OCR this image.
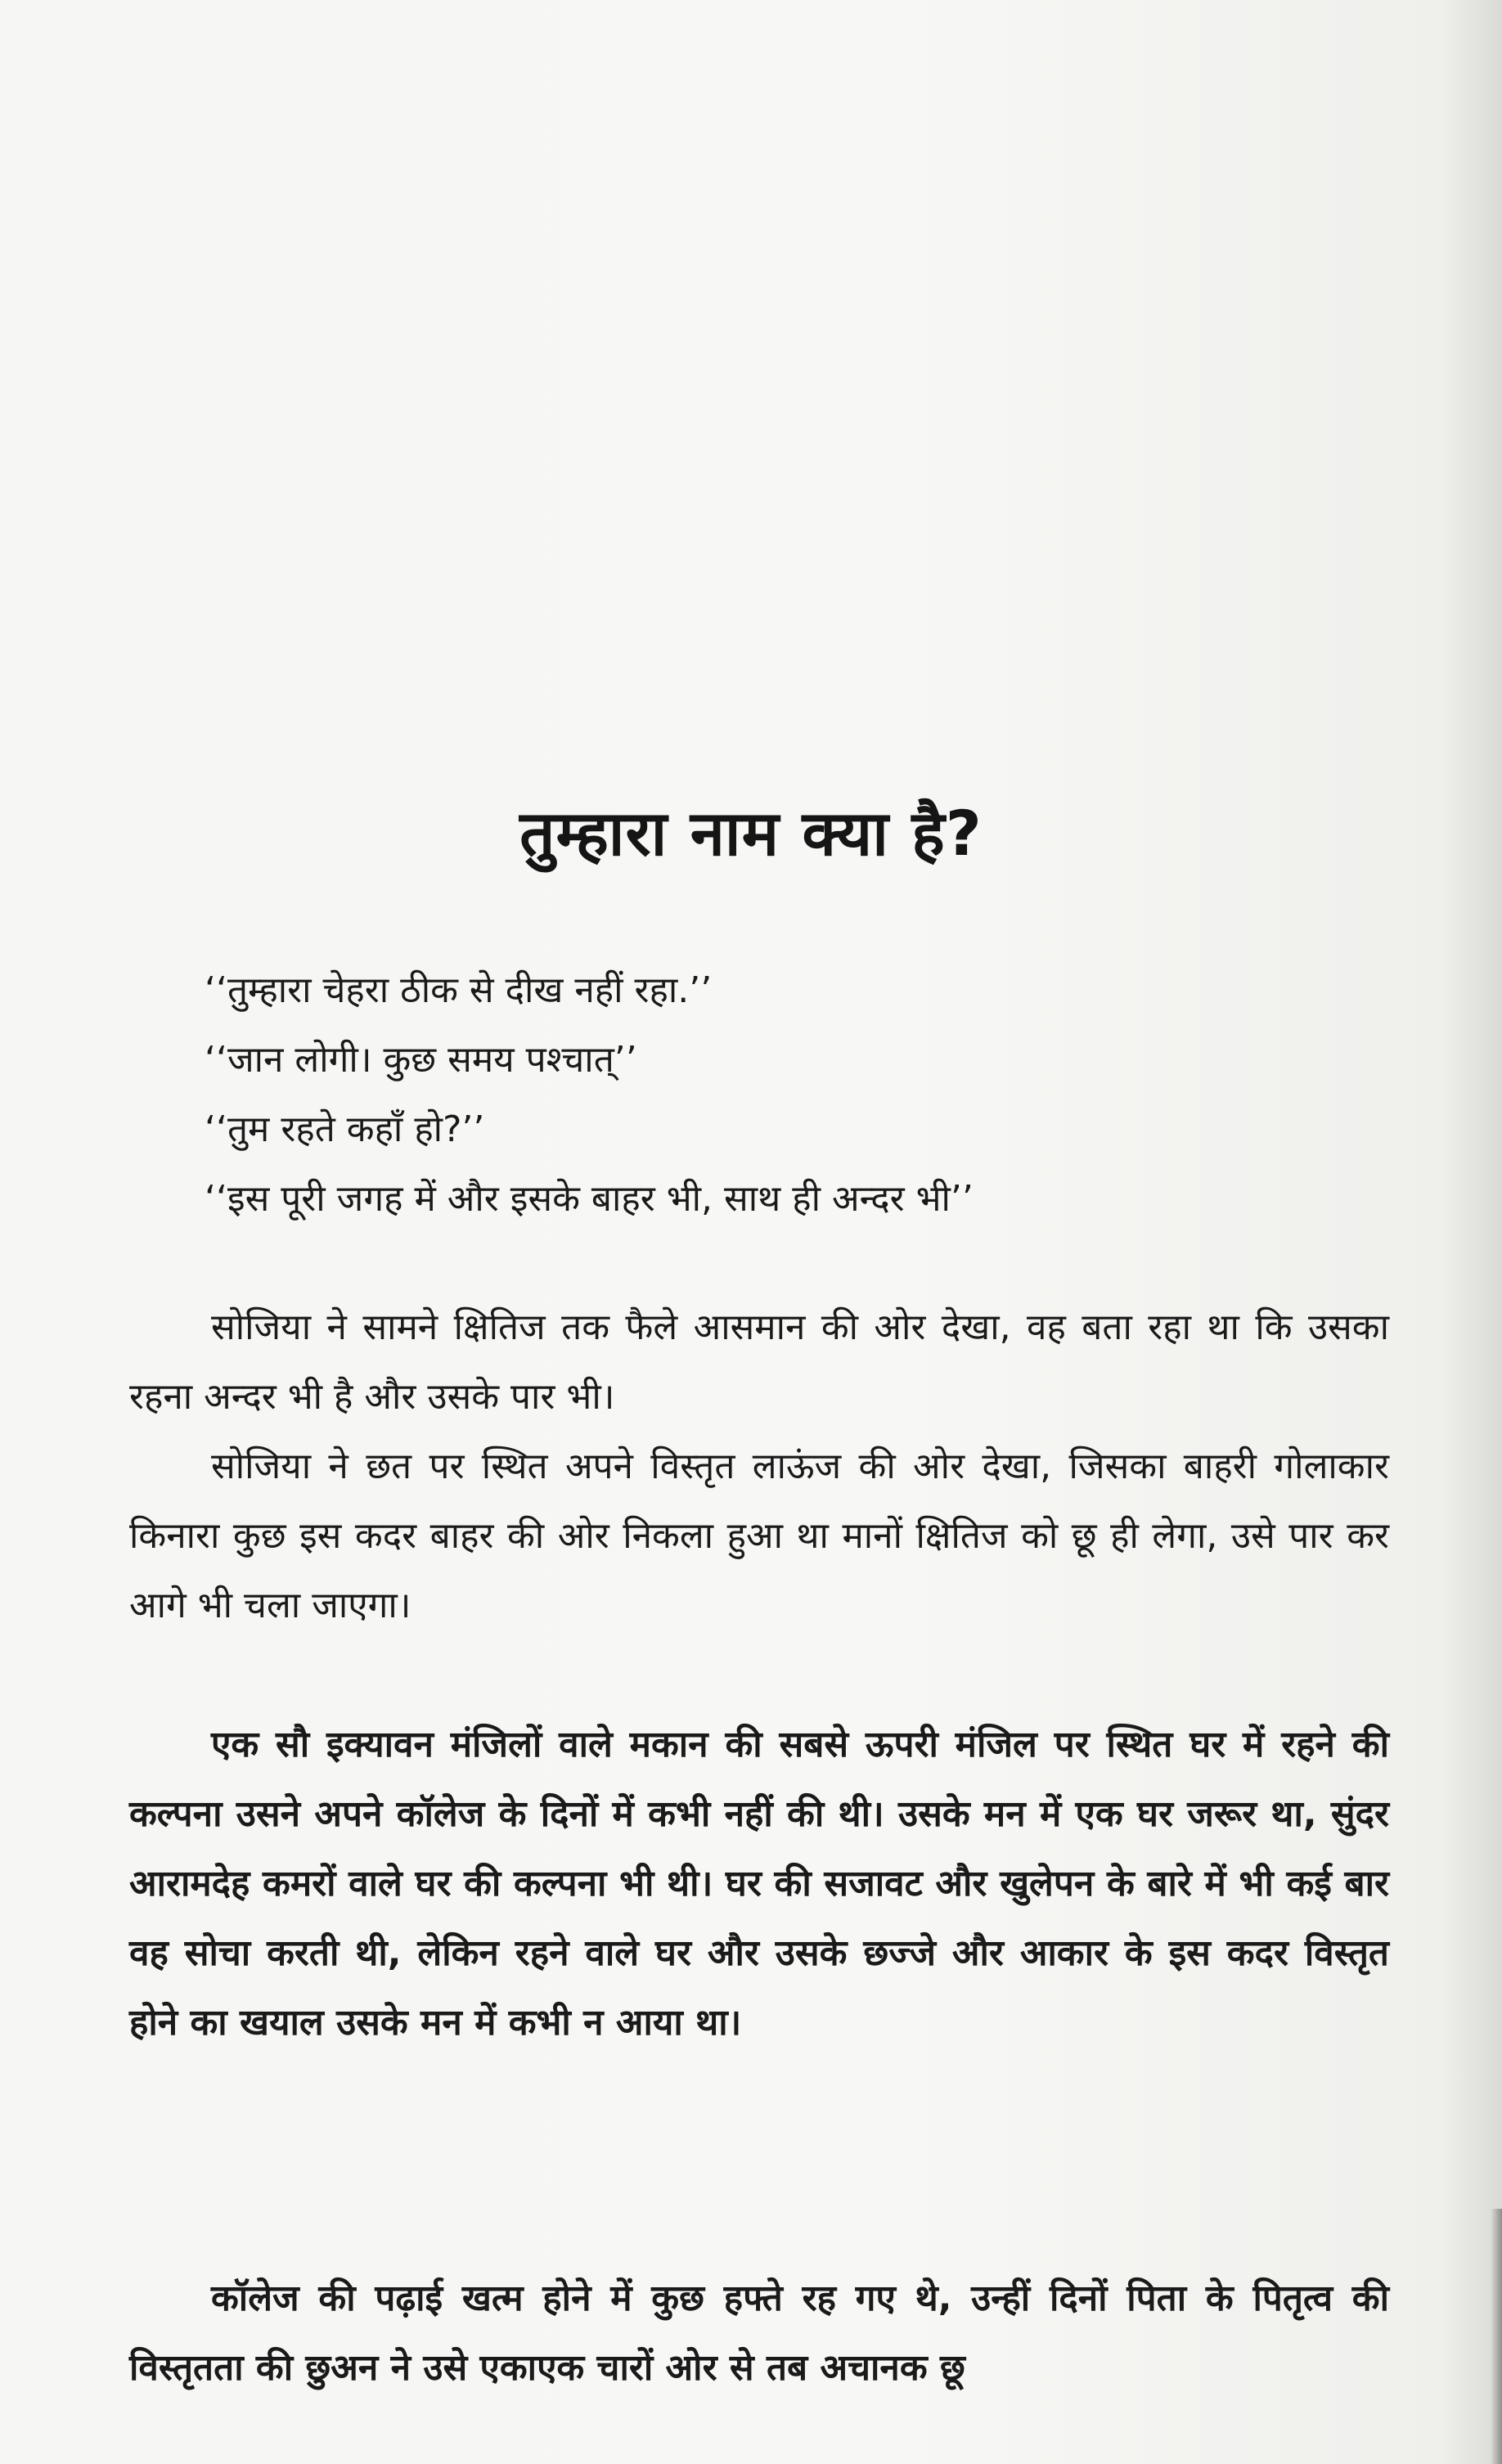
तुम्हारा नाम क्या है?
‘‘तुम्हारा चेहरा ठीक से दीख नहीं रहा.’’
‘‘जान लोगी। कुछ समय पश्चात्’’
‘‘तुम रहते कहाँ हो?’’
‘‘इस पूरी जगह में और इसके बाहर भी, साथ ही अन्दर भी’’

सोजिया ने सामने क्षितिज तक फैले आसमान की ओर देखा, वह बता रहा था कि उसका रहना अन्दर भी है और उसके पार भी।

सोजिया ने छत पर स्थित अपने विस्तृत लाऊंज की ओर देखा, जिसका बाहरी गोलाकार किनारा कुछ इस कदर बाहर की ओर निकला हुआ था मानों क्षितिज को छू ही लेगा, उसे पार कर आगे भी चला जाएगा।

एक सौ इक्यावन मंजिलों वाले मकान की सबसे ऊपरी मंजिल पर स्थित घर में रहने की कल्पना उसने अपने कॉलेज के दिनों में कभी नहीं की थी। उसके मन में एक घर जरूर था, सुंदर आरामदेह कमरों वाले घर की कल्पना भी थी। घर की सजावट और खुलेपन के बारे में भी कई बार वह सोचा करती थी, लेकिन रहने वाले घर और उसके छज्जे और आकार के इस कदर विस्तृत होने का खयाल उसके मन में कभी न आया था।

कॉलेज की पढ़ाई खत्म होने में कुछ हफ्ते रह गए थे, उन्हीं दिनों पिता के पितृत्व की विस्तृतता की छुअन ने उसे एकाएक चारों ओर से तब अचानक छू
